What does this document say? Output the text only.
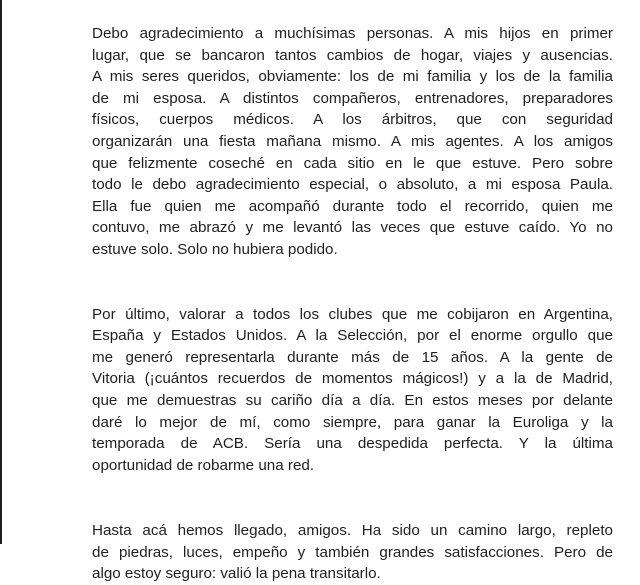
Debo agradecimiento a muchísimas personas. A mis hijos en primer
lugar, que se bancaron tantos cambios de hogar, viajes y ausencias.
A mis seres queridos, obviamente: los de mi familia y los de la familia
de mi esposa. A distintos compañeros, entrenadores, preparadores
físicos, cuerpos médicos. A los árbitros, que con seguridad
organizarán una fiesta mañana mismo. A mis agentes. A los amigos
que felizmente coseché en cada sitio en le que estuve. Pero sobre
todo le debo agradecimiento especial, o absoluto, a mi esposa Paula.
Ella fue quien me acompañó durante todo el recorrido, quien me
contuvo, me abrazó y me levantó las veces que estuve caído. Yo no
estuve solo. Solo no hubiera podido.
Por último, valorar a todos los clubes que me cobijaron en Argentina,
España y Estados Unidos. A la Selección, por el enorme orgullo que
me generó representarla durante más de 15 años. A la gente de
Vitoria (¡cuántos recuerdos de momentos mágicos!) y a la de Madrid,
que me demuestras su cariño día a día. En estos meses por delante
daré lo mejor de mí, como siempre, para ganar la Euroliga y la
temporada de ACB. Sería una despedida perfecta. Y la última
oportunidad de robarme una red.
Hasta acá hemos llegado, amigos. Ha sido un camino largo, repleto
de piedras, luces, empeño y también grandes satisfacciones. Pero de
algo estoy seguro: valió la pena transitarlo.
